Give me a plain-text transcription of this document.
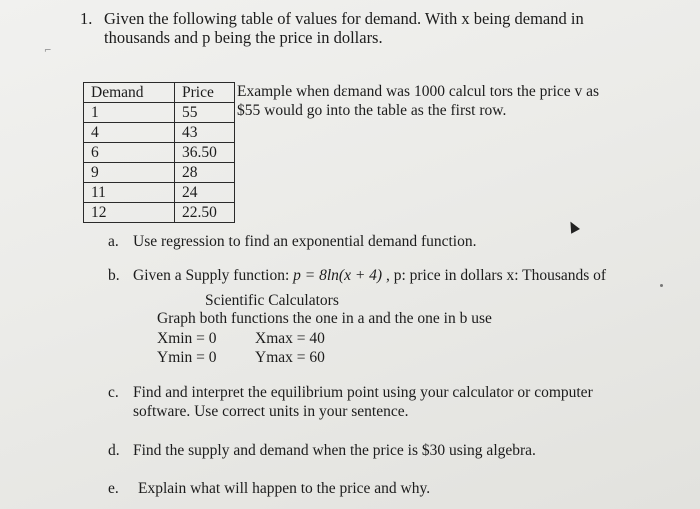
1. Given the following table of values for demand. With x being demand in
thousands and p being the price in dollars.
⌐
Demand	Price
1	55
4	43
6	36.50
9	28
11	24
12	22.50
Example when dɛmand was 1000 calcul tors the price v as
$55 would go into the table as the first row.
a. Use regression to find an exponential demand function.
b. Given a Supply function: p = 8ln(x + 4) , p: price in dollars x: Thousands of
Scientific Calculators
Graph both functions the one in a and the one in b use
Xmin = 0 Xmax = 40
Ymin = 0 Ymax = 60
c. Find and interpret the equilibrium point using your calculator or computer
software. Use correct units in your sentence.
d. Find the supply and demand when the price is $30 using algebra.
e. Explain what will happen to the price and why.
